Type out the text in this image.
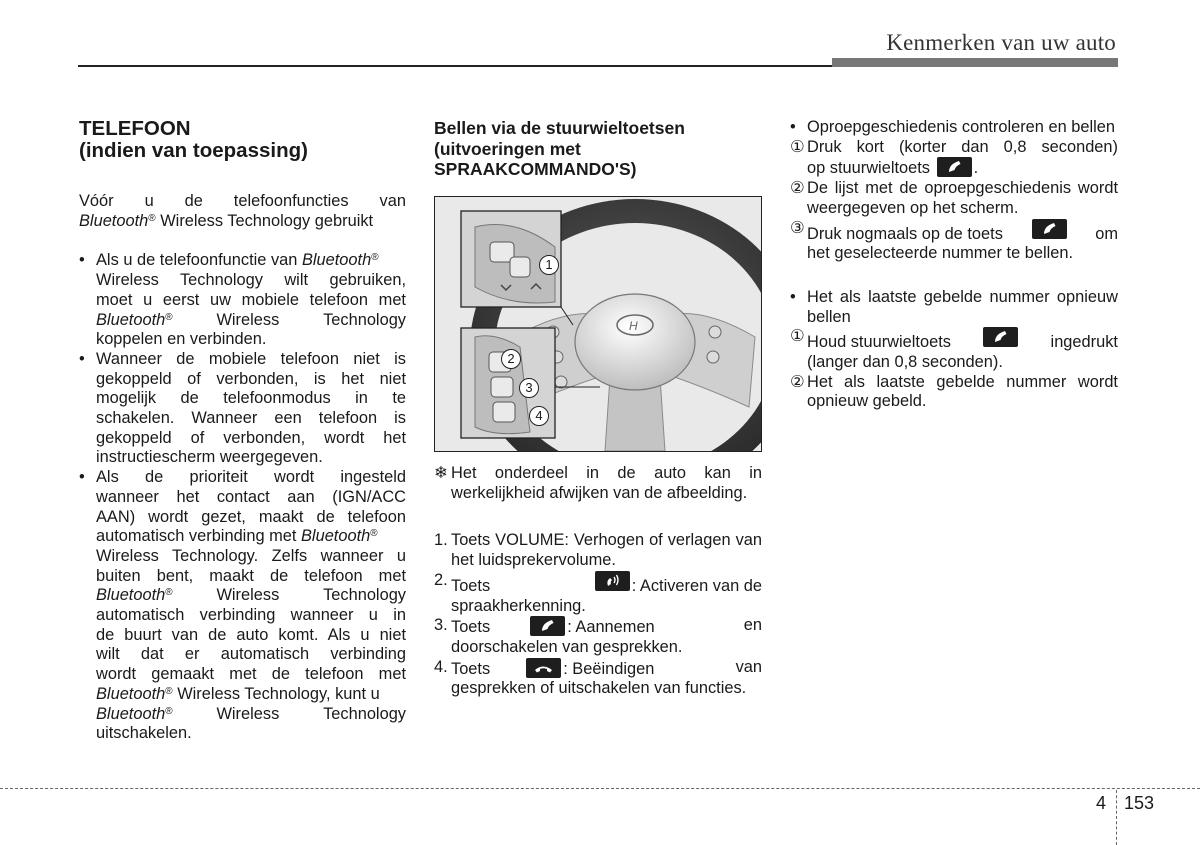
Kenmerken van uw auto
TELEFOON
(indien van toepassing)
Vóór u de telefoonfuncties van
Bluetooth® Wireless Technology gebruikt
• Als u de telefoonfunctie van Bluetooth®
Wireless Technology wilt gebruiken,
moet u eerst uw mobiele telefoon met
Bluetooth®	Wireless	Technology
koppelen en verbinden.
• Wanneer de mobiele telefoon niet is gekoppeld of verbonden, is het niet mogelijk de telefoonmodus in te schakelen. Wanneer een telefoon is gekoppeld of verbonden, wordt het instructiescherm weergegeven.
• Als de prioriteit wordt ingesteld
wanneer het contact aan (IGN/ACC
AAN) wordt gezet, maakt de telefoon
automatisch verbinding met Bluetooth®
Wireless Technology. Zelfs wanneer u
buiten bent, maakt de telefoon met
Bluetooth®	Wireless	Technology
automatisch verbinding wanneer u in
de buurt van de auto komt. Als u niet
wilt dat er automatisch verbinding
wordt gemaakt met de telefoon met
Bluetooth® Wireless Technology, kunt u
Bluetooth®	Wireless	Technology
uitschakelen.
Bellen via de stuurwieltoetsen
(uitvoeringen met
SPRAAKCOMMANDO'S)
H
1
2
3
4
❄ Het onderdeel in de auto kan in werkelijkheid afwijken van de afbeelding.
1. Toets VOLUME: Verhogen of verlagen van het luidsprekervolume.
2. Toets	: Activeren van de
spraakherkenning.
3. Toets	: Aannemen	en
doorschakelen van gesprekken.
4. Toets	: Beëindigen	van
gesprekken of uitschakelen van functies.
• Oproepgeschiedenis controleren en bellen
① Druk kort (korter dan 0,8 seconden)
op stuurwieltoets	.
② De lijst met de oproepgeschiedenis wordt weergegeven op het scherm.
③ Druk nogmaals op de toets	om
het geselecteerde nummer te bellen.
• Het als laatste gebelde nummer opnieuw bellen
① Houd stuurwieltoets	ingedrukt
(langer dan 0,8 seconden).
② Het als laatste gebelde nummer wordt opnieuw gebeld.
4 153
